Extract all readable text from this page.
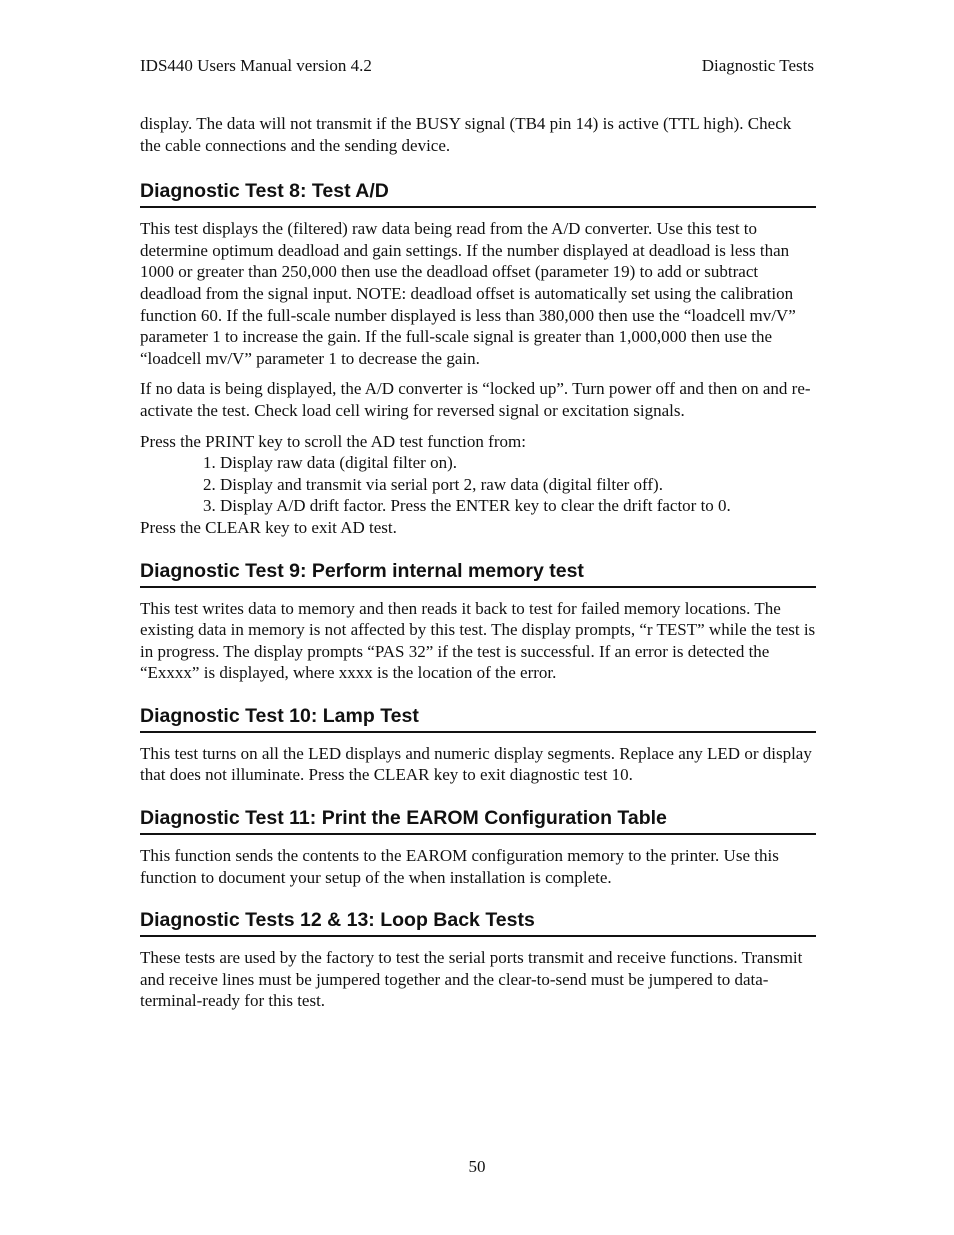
IDS440 Users Manual version 4.2	Diagnostic Tests

display. The data will not transmit if the BUSY signal (TB4 pin 14) is active (TTL high). Check the cable connections and the sending device.

Diagnostic Test 8: Test A/D

This test displays the (filtered) raw data being read from the A/D converter. Use this test to determine optimum deadload and gain settings. If the number displayed at deadload is less than 1000 or greater than 250,000 then use the deadload offset (parameter 19) to add or subtract deadload from the signal input. NOTE: deadload offset is automatically set using the calibration function 60. If the full-scale number displayed is less than 380,000 then use the “loadcell mv/V” parameter 1 to increase the gain. If the full-scale signal is greater than 1,000,000 then use the “loadcell mv/V” parameter 1 to decrease the gain.

If no data is being displayed, the A/D converter is “locked up”. Turn power off and then on and re-activate the test. Check load cell wiring for reversed signal or excitation signals.

Press the PRINT key to scroll the AD test function from:

1. Display raw data (digital filter on).
2. Display and transmit via serial port 2, raw data (digital filter off).
3. Display A/D drift factor. Press the ENTER key to clear the drift factor to 0.

Press the CLEAR key to exit AD test.

Diagnostic Test 9: Perform internal memory test

This test writes data to memory and then reads it back to test for failed memory locations. The existing data in memory is not affected by this test. The display prompts, “r TEST” while the test is in progress. The display prompts “PAS 32” if the test is successful. If an error is detected the “Exxxx” is displayed, where xxxx is the location of the error.

Diagnostic Test 10: Lamp Test

This test turns on all the LED displays and numeric display segments. Replace any LED or display that does not illuminate. Press the CLEAR key to exit diagnostic test 10.

Diagnostic Test 11: Print the EAROM Configuration Table

This function sends the contents to the EAROM configuration memory to the printer. Use this function to document your setup of the when installation is complete.

Diagnostic Tests 12 & 13: Loop Back Tests

These tests are used by the factory to test the serial ports transmit and receive functions. Transmit and receive lines must be jumpered together and the clear-to-send must be jumpered to data-terminal-ready for this test.

50
